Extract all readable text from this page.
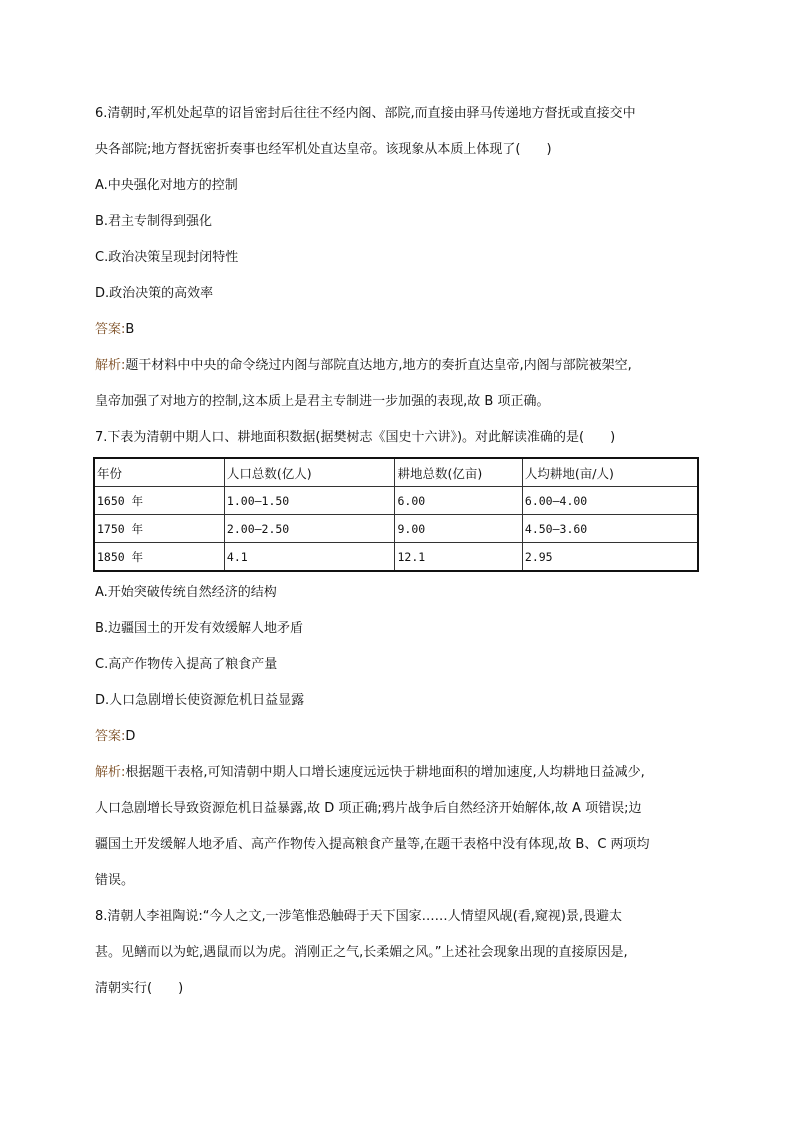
6.清朝时,军机处起草的诏旨密封后往往不经内阁、部院,而直接由驿马传递地方督抚或直接交中
央各部院;地方督抚密折奏事也经军机处直达皇帝。该现象从本质上体现了(　　)
A.中央强化对地方的控制
B.君主专制得到强化
C.政治决策呈现封闭特性
D.政治决策的高效率
答案:B
解析:题干材料中中央的命令绕过内阁与部院直达地方,地方的奏折直达皇帝,内阁与部院被架空,
皇帝加强了对地方的控制,这本质上是君主专制进一步加强的表现,故 B 项正确。
7.下表为清朝中期人口、耕地面积数据(据樊树志《国史十六讲》)。对此解读准确的是(　　)
年份	人口总数(亿人)	耕地总数(亿亩)	人均耕地(亩/人)
1650 年	1.00—1.50	6.00	6.00—4.00
1750 年	2.00—2.50	9.00	4.50—3.60
1850 年	4.1	12.1	2.95
A.开始突破传统自然经济的结构
B.边疆国土的开发有效缓解人地矛盾
C.高产作物传入提高了粮食产量
D.人口急剧增长使资源危机日益显露
答案:D
解析:根据题干表格,可知清朝中期人口增长速度远远快于耕地面积的增加速度,人均耕地日益减少,
人口急剧增长导致资源危机日益暴露,故 D 项正确;鸦片战争后自然经济开始解体,故 A 项错误;边
疆国土开发缓解人地矛盾、高产作物传入提高粮食产量等,在题干表格中没有体现,故 B、C 两项均
错误。
8.清朝人李祖陶说:“今人之文,一涉笔惟恐触碍于天下国家……人情望风觇(看,窥视)景,畏避太
甚。见鳝而以为蛇,遇鼠而以为虎。消刚正之气,长柔媚之风。”上述社会现象出现的直接原因是,
清朝实行(　　)
